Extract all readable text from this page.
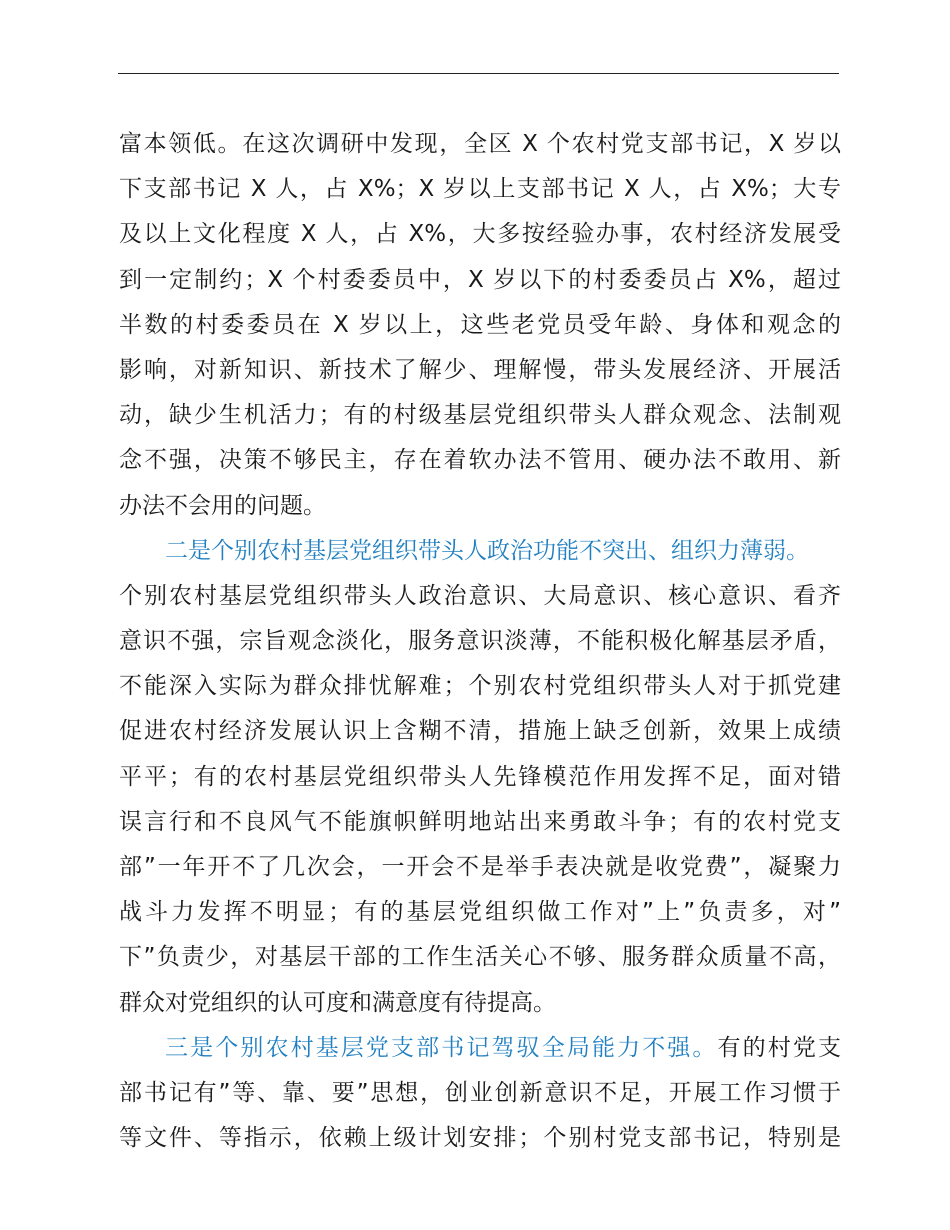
富本领低。在这次调研中发现，全区 X 个农村党支部书记，X 岁以
下支部书记 X 人，占 X%；X 岁以上支部书记 X 人，占 X%；大专
及以上文化程度 X 人，占 X%，大多按经验办事，农村经济发展受
到一定制约；X 个村委委员中，X 岁以下的村委委员占 X%，超过
半数的村委委员在 X 岁以上，这些老党员受年龄、身体和观念的
影响，对新知识、新技术了解少、理解慢，带头发展经济、开展活
动，缺少生机活力；有的村级基层党组织带头人群众观念、法制观
念不强，决策不够民主，存在着软办法不管用、硬办法不敢用、新
办法不会用的问题。
二是个别农村基层党组织带头人政治功能不突出、组织力薄弱。
个别农村基层党组织带头人政治意识、大局意识、核心意识、看齐
意识不强，宗旨观念淡化，服务意识淡薄，不能积极化解基层矛盾，
不能深入实际为群众排忧解难；个别农村党组织带头人对于抓党建
促进农村经济发展认识上含糊不清，措施上缺乏创新，效果上成绩
平平；有的农村基层党组织带头人先锋模范作用发挥不足，面对错
误言行和不良风气不能旗帜鲜明地站出来勇敢斗争；有的农村党支
部”一年开不了几次会，一开会不是举手表决就是收党费”，凝聚力
战斗力发挥不明显；有的基层党组织做工作对”上”负责多，对”
下”负责少，对基层干部的工作生活关心不够、服务群众质量不高，
群众对党组织的认可度和满意度有待提高。
三是个别农村基层党支部书记驾驭全局能力不强。有的村党支
部书记有”等、靠、要”思想，创业创新意识不足，开展工作习惯于
等文件、等指示，依赖上级计划安排；个别村党支部书记，特别是
